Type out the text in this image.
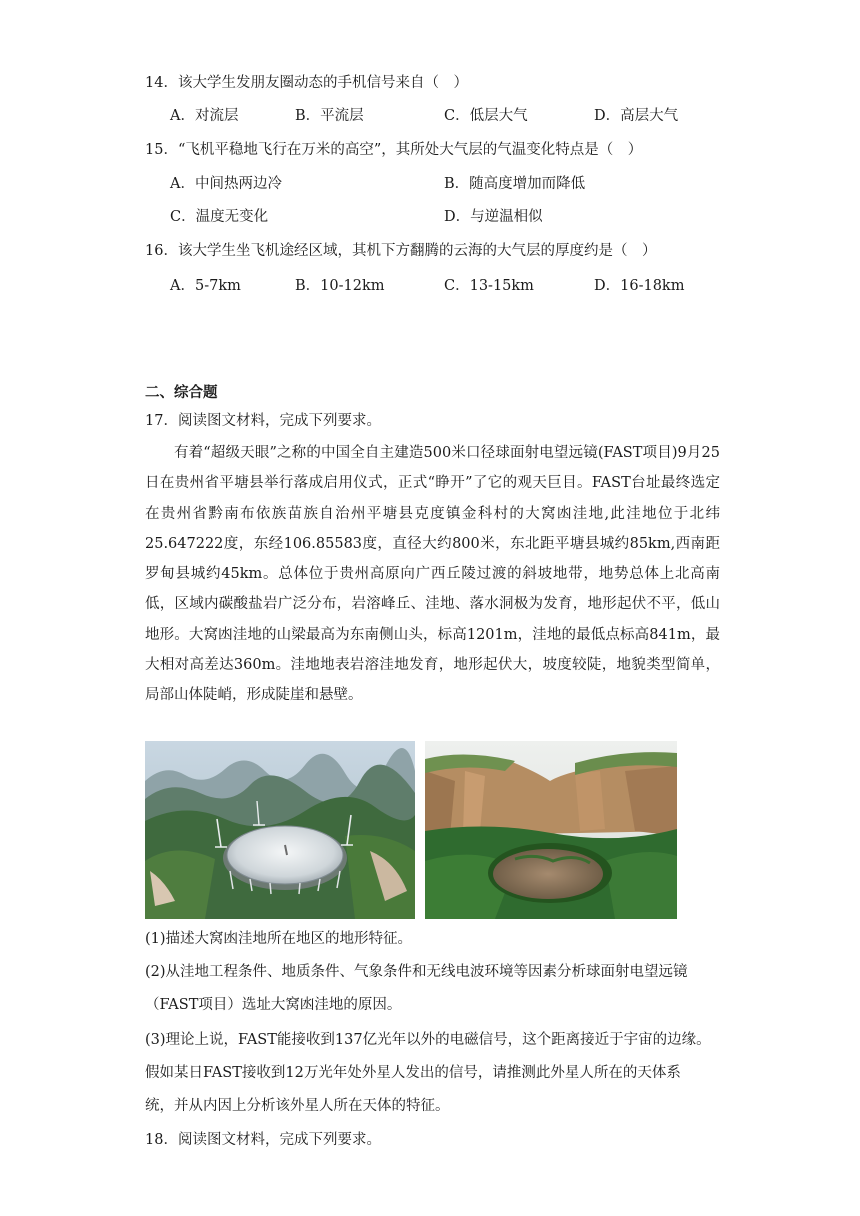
14．该大学生发朋友圈动态的手机信号来自（　）
A．对流层	B．平流层	C．低层大气	D．高层大气
15．“飞机平稳地飞行在万米的高空”，其所处大气层的气温变化特点是（　）
A．中间热两边冷	B．随高度增加而降低
C．温度无变化	D．与逆温相似
16．该大学生坐飞机途经区域，其机下方翻腾的云海的大气层的厚度约是（　）
A．5-7km	B．10-12km	C．13-15km	D．16-18km
二、综合题
17．阅读图文材料，完成下列要求。

有着“超级天眼”之称的中国全自主建造500米口径球面射电望远镜(FAST项目)9月25日在贵州省平塘县举行落成启用仪式，正式“睁开”了它的观天巨目。FAST台址最终选定在贵州省黔南布依族苗族自治州平塘县克度镇金科村的大窝凼洼地,此洼地位于北纬25.647222度，东经106.85583度，直径大约800米，东北距平塘县城约85km,西南距罗甸县城约45km。总体位于贵州高原向广西丘陵过渡的斜坡地带，地势总体上北高南低，区域内碳酸盐岩广泛分布，岩溶峰丘、洼地、落水洞极为发育，地形起伏不平，低山地形。大窝凼洼地的山梁最高为东南侧山头，标高1201m，洼地的最低点标高841m，最大相对高差达360m。洼地地表岩溶洼地发育，地形起伏大，坡度较陡，地貌类型简单，局部山体陡峭，形成陡崖和悬壁。

(1)描述大窝凼洼地所在地区的地形特征。
(2)从洼地工程条件、地质条件、气象条件和无线电波环境等因素分析球面射电望远镜
（FAST项目）选址大窝凼洼地的原因。
(3)理论上说，FAST能接收到137亿光年以外的电磁信号，这个距离接近于宇宙的边缘。
假如某日FAST接收到12万光年处外星人发出的信号，请推测此外星人所在的天体系
统，并从内因上分析该外星人所在天体的特征。
18．阅读图文材料，完成下列要求。
